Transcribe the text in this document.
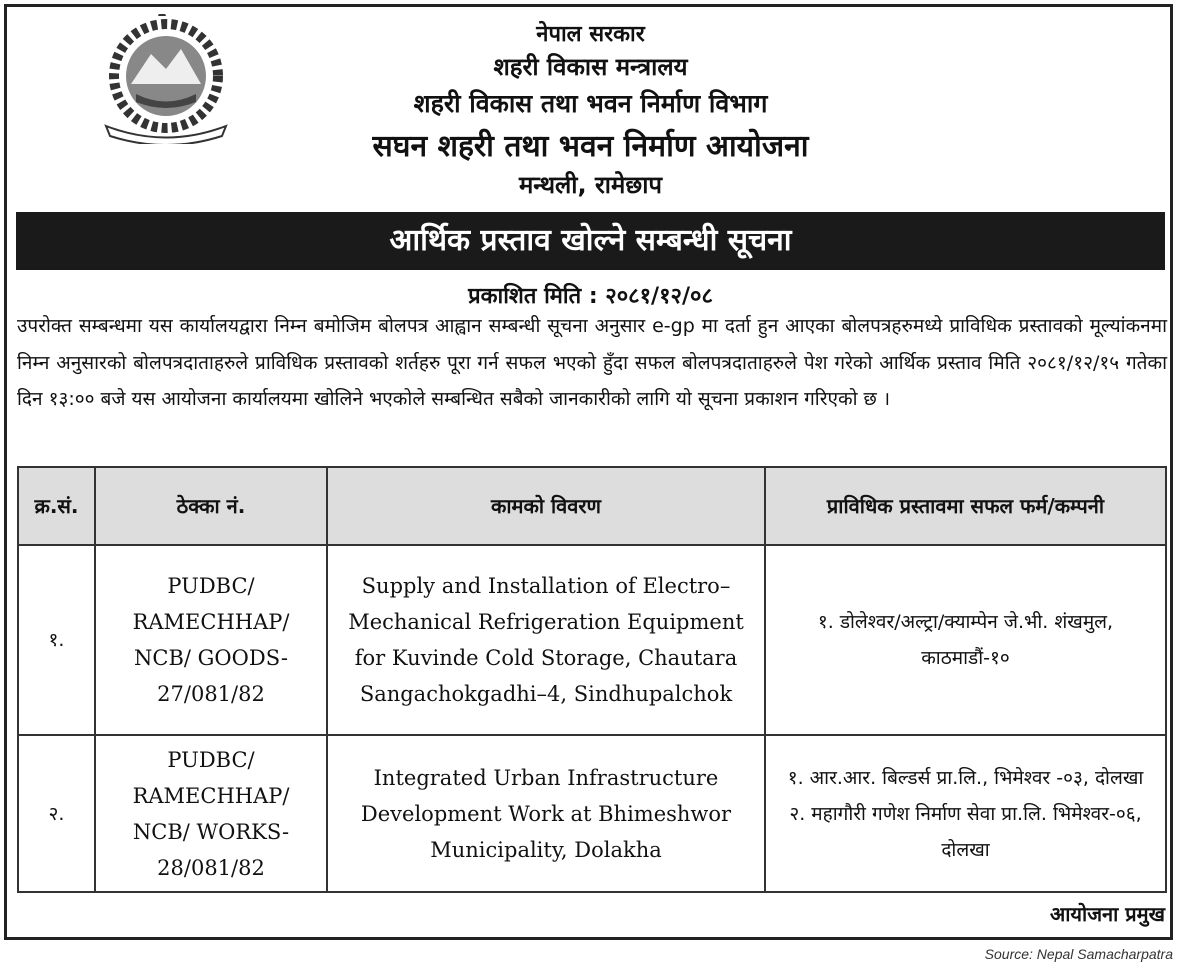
नेपाल सरकार
शहरी विकास मन्त्रालय
शहरी विकास तथा भवन निर्माण विभाग
सघन शहरी तथा भवन निर्माण आयोजना
मन्थली, रामेछाप
आर्थिक प्रस्ताव खोल्ने सम्बन्धी सूचना
प्रकाशित मिति : २०८१/१२/०८
उपरोक्त सम्बन्धमा यस कार्यालयद्वारा निम्न बमोजिम बोलपत्र आह्वान सम्बन्धी सूचना अनुसार e-gp मा दर्ता हुन आएका बोलपत्रहरुमध्ये प्राविधिक प्रस्तावको मूल्यांकनमा निम्न अनुसारको बोलपत्रदाताहरुले प्राविधिक प्रस्तावको शर्तहरु पूरा गर्न सफल भएको हुँदा सफल बोलपत्रदाताहरुले पेश गरेको आर्थिक प्रस्ताव मिति २०८१/१२/१५ गतेका दिन १३:०० बजे यस आयोजना कार्यालयमा खोलिने भएकोले सम्बन्धित सबैको जानकारीको लागि यो सूचना प्रकाशन गरिएको छ ।
क्र.सं.	ठेक्का नं.	कामको विवरण	प्राविधिक प्रस्तावमा सफल फर्म/कम्पनी
१.	PUDBC/ RAMECHHAP/ NCB/ GOODS-27/081/82	Supply and Installation of Electro–Mechanical Refrigeration Equipment for Kuvinde Cold Storage, Chautara Sangachokgadhi–4, Sindhupalchok	१. डोलेश्वर/अल्ट्रा/क्याम्पेन जे.भी. शंखमुल, काठमाडौं-१०

२.	PUDBC/ RAMECHHAP/ NCB/ WORKS-28/081/82	Integrated Urban Infrastructure Development Work at Bhimeshwor Municipality, Dolakha	१. आर.आर. बिल्डर्स प्रा.लि., भिमेश्वर -०३, दोलखा
२. महागौरी गणेश निर्माण सेवा प्रा.लि. भिमेश्वर-०६, दोलखा
आयोजना प्रमुख
Source: Nepal Samacharpatra
